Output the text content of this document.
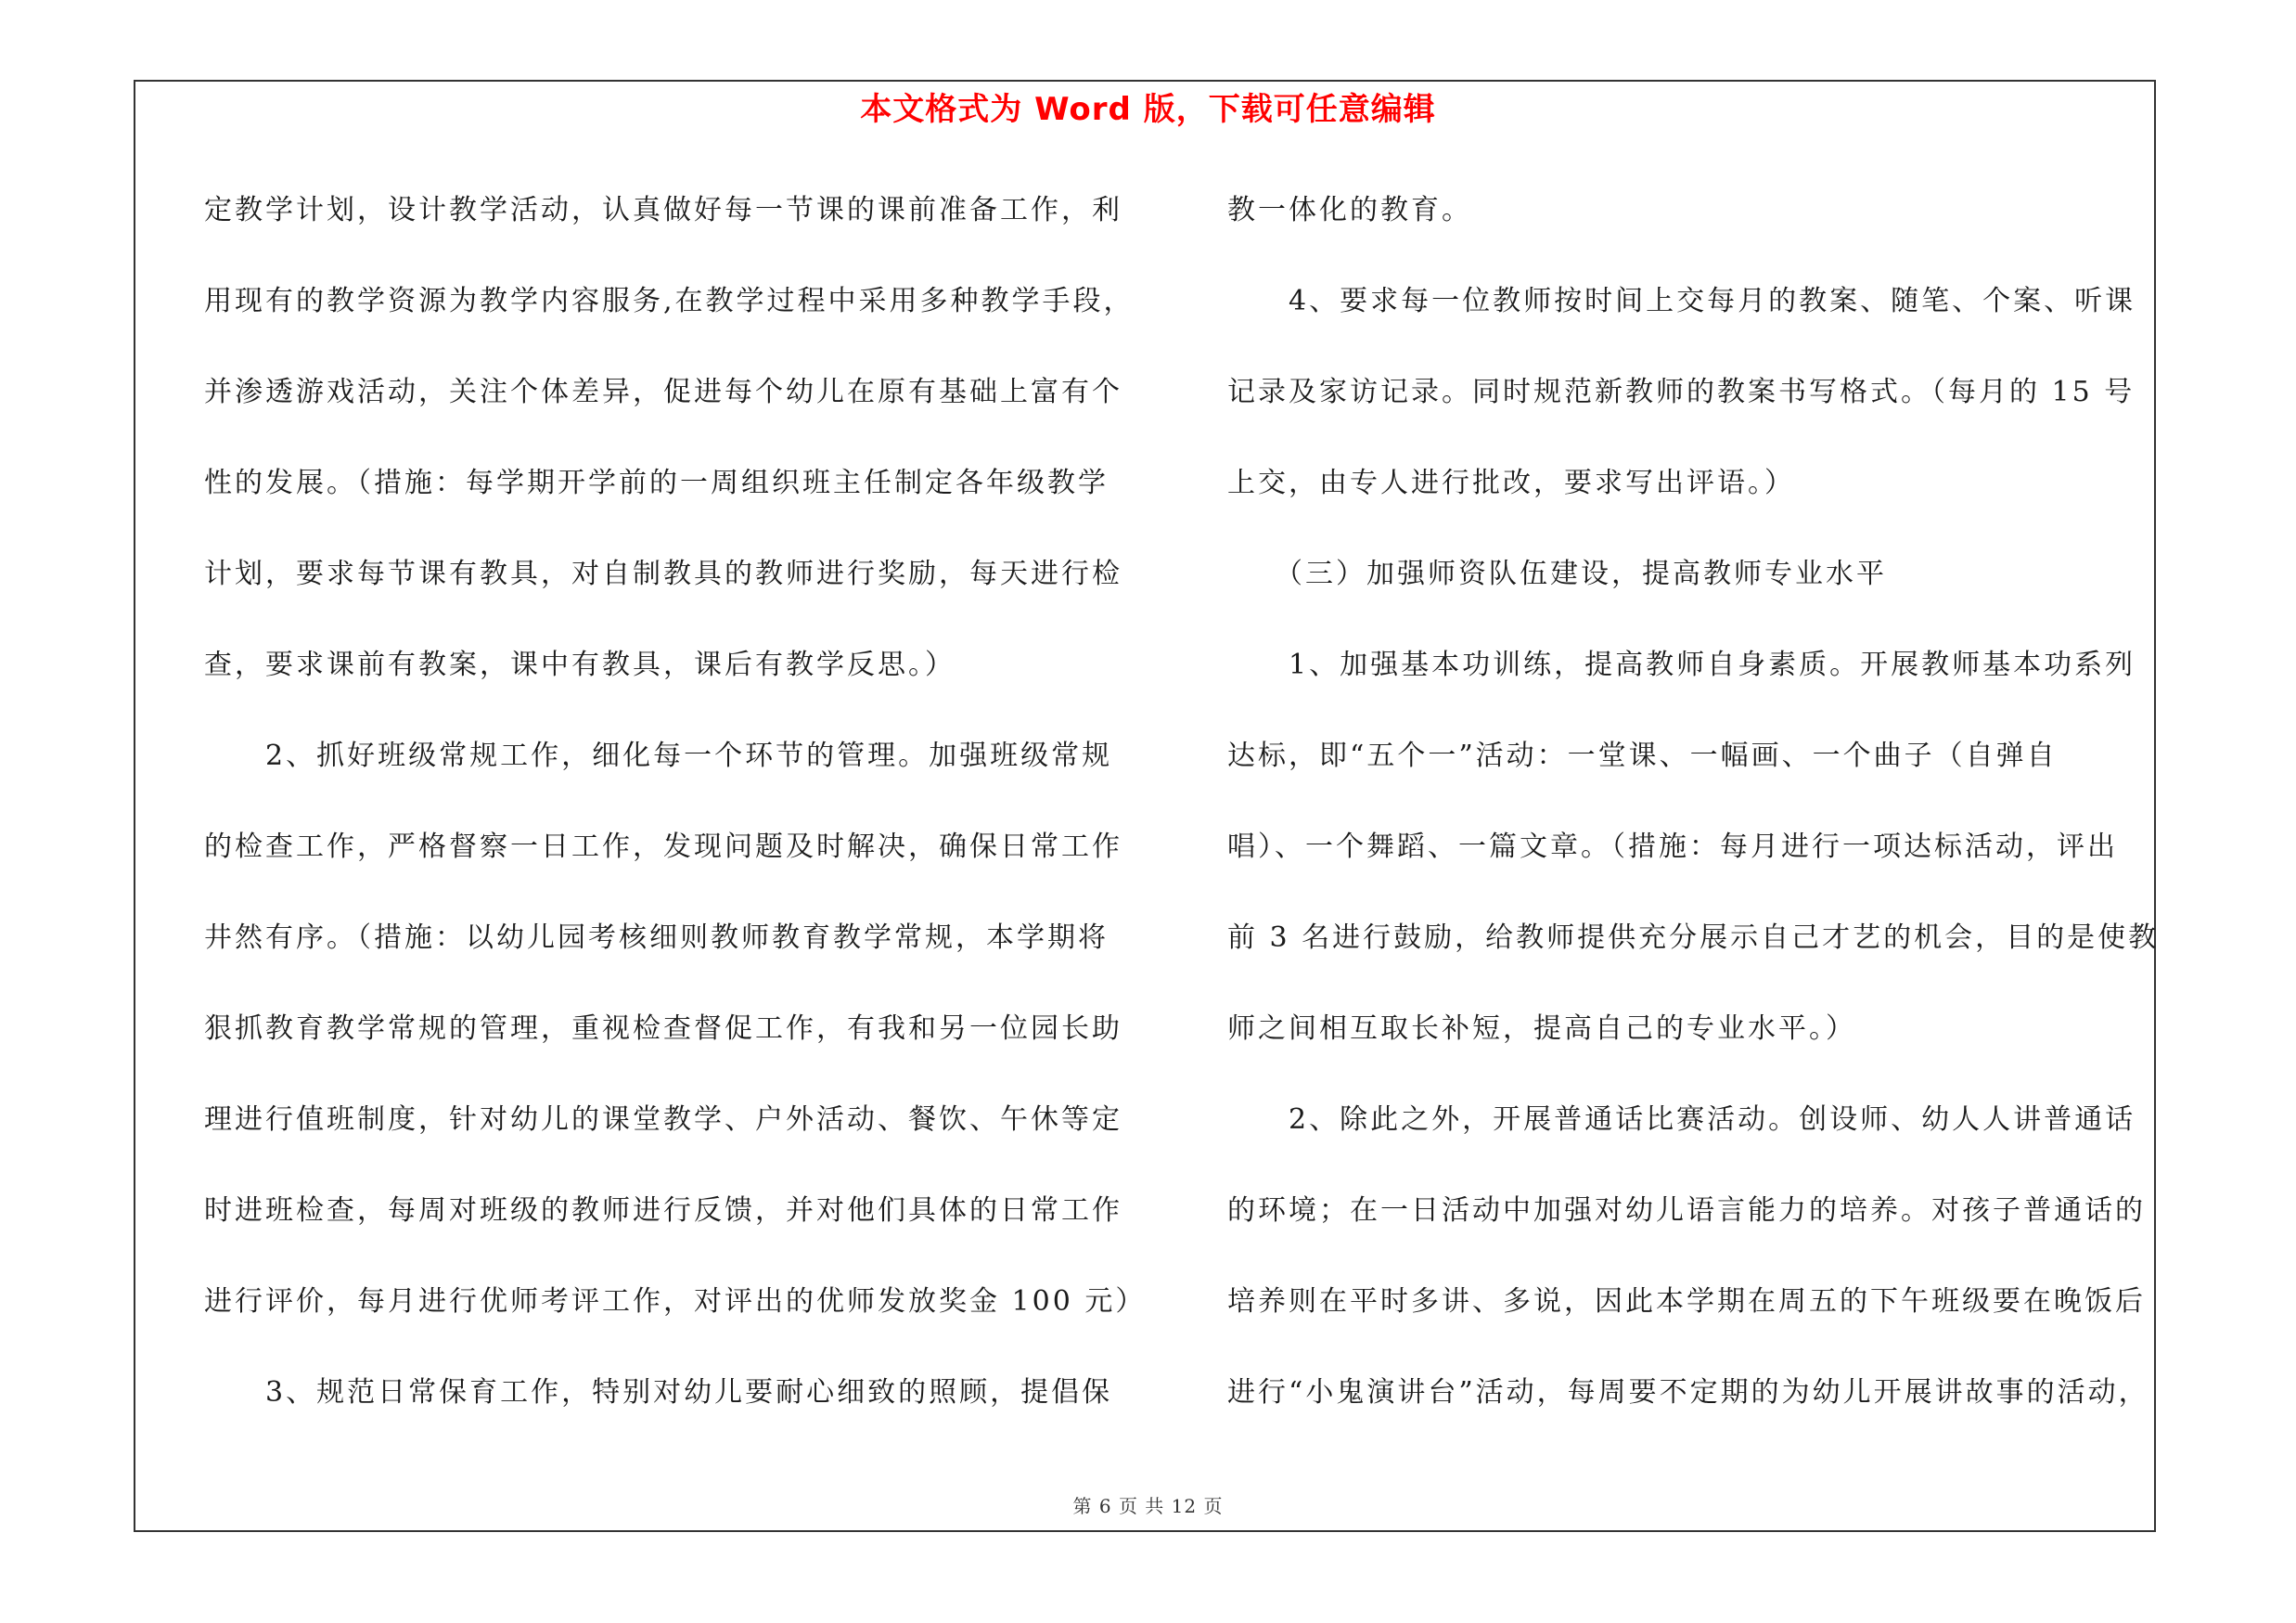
本文格式为 Word 版，下载可任意编辑
定教学计划，设计教学活动，认真做好每一节课的课前准备工作，利
用现有的教学资源为教学内容服务,在教学过程中采用多种教学手段，
并渗透游戏活动，关注个体差异，促进每个幼儿在原有基础上富有个
性的发展。（措施：每学期开学前的一周组织班主任制定各年级教学
计划，要求每节课有教具，对自制教具的教师进行奖励，每天进行检
查，要求课前有教案，课中有教具，课后有教学反思。）
　　2、抓好班级常规工作，细化每一个环节的管理。加强班级常规
的检查工作，严格督察一日工作，发现问题及时解决，确保日常工作
井然有序。（措施：以幼儿园考核细则教师教育教学常规，本学期将
狠抓教育教学常规的管理，重视检查督促工作，有我和另一位园长助
理进行值班制度，针对幼儿的课堂教学、户外活动、餐饮、午休等定
时进班检查，每周对班级的教师进行反馈，并对他们具体的日常工作
进行评价，每月进行优师考评工作，对评出的优师发放奖金 100 元）
　　3、规范日常保育工作，特别对幼儿要耐心细致的照顾，提倡保
教一体化的教育。
　　4、要求每一位教师按时间上交每月的教案、随笔、个案、听课
记录及家访记录。同时规范新教师的教案书写格式。（每月的 15 号
上交，由专人进行批改，要求写出评语。）
　　（三）加强师资队伍建设，提高教师专业水平
　　1、加强基本功训练，提高教师自身素质。开展教师基本功系列
达标，即“五个一”活动：一堂课、一幅画、一个曲子（自弹自
唱）、一个舞蹈、一篇文章。（措施：每月进行一项达标活动，评出
前 3 名进行鼓励，给教师提供充分展示自己才艺的机会，目的是使教
师之间相互取长补短，提高自己的专业水平。）
　　2、除此之外，开展普通话比赛活动。创设师、幼人人讲普通话
的环境；在一日活动中加强对幼儿语言能力的培养。对孩子普通话的
培养则在平时多讲、多说，因此本学期在周五的下午班级要在晚饭后
进行“小鬼演讲台”活动，每周要不定期的为幼儿开展讲故事的活动，
第 6 页 共 12 页
